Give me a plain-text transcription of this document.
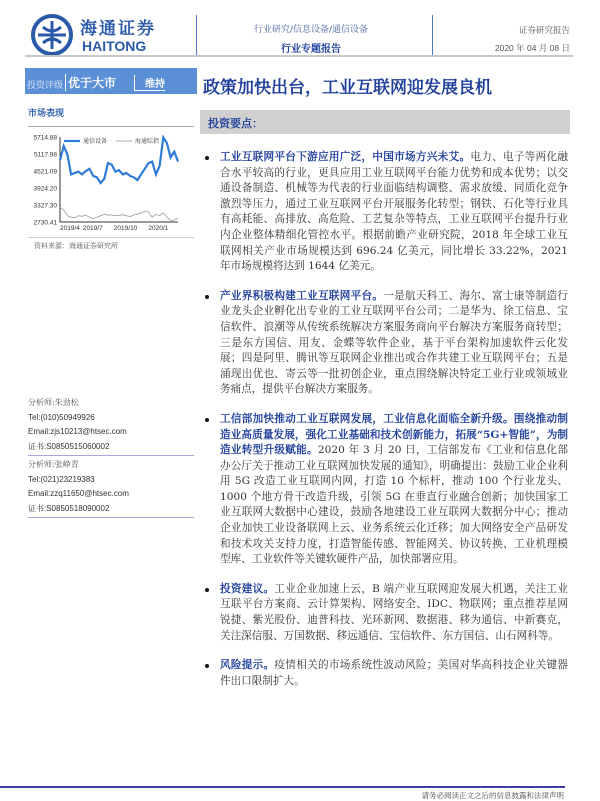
海通证券
HAITONG
行业研究/信息设备/通信设备
行业专题报告
证券研究报告
2020 年 04 月 08 日
投资评级 优于大市	维持 政策加快出台，工业互联网迎发展良机
市场表现
2730.41
3327.30
3924.20
4521.09
5117.98
5714.88
2019/4 2019/7 2019/10 2020/1
通信设备	海通综指
资料来源：海通证券研究所
投资要点：
工业互联网平台下游应用广泛，中国市场方兴未艾。电力、电子等两化融合水平较高的行业，更具应用工业互联网平台能力优势和成本优势；以交通设备制造、机械等为代表的行业面临结构调整、需求放缓、同质化竞争激烈等压力，通过工业互联网平台开展服务化转型；钢铁、石化等行业具有高耗能、高排放、高危险、工艺复杂等特点，工业互联网平台提升行业内企业整体精细化管控水平。根据前瞻产业研究院，2018 年全球工业互联网相关产业市场规模达到 696.24 亿美元，同比增长 33.22%，2021 年市场规模将达到 1644 亿美元。
产业界积极构建工业互联网平台。一是航天科工、海尔、富士康等制造行业龙头企业孵化出专业的工业互联网平台公司；二是华为、徐工信息、宝信软件、浪潮等从传统系统解决方案服务商向平台解决方案服务商转型；三是东方国信、用友、金蝶等软件企业，基于平台架构加速软件云化发展；四是阿里、腾讯等互联网企业推出或合作共建工业互联网平台；五是涌现出优也、寄云等一批初创企业，重点围绕解决特定工业行业或领域业务痛点，提供平台解决方案服务。
工信部加快推动工业互联网发展，工业信息化面临全新升级。围绕推动制造业高质量发展，强化工业基础和技术创新能力，拓展“5G+智能”，为制造业转型升级赋能。2020 年 3 月 20 日，工信部发布《工业和信息化部办公厅关于推动工业互联网加快发展的通知》，明确提出：鼓励工业企业利用 5G 改造工业互联网内网，打造 10 个标杆，推动 100 个行业龙头、1000 个地方骨干改造升级，引领 5G 在垂直行业融合创新；加快国家工业互联网大数据中心建设，鼓励各地建设工业互联网大数据分中心；推动企业加快工业设备联网上云、业务系统云化迁移；加大网络安全产品研发和技术攻关支持力度，打造智能传感、智能网关、协议转换、工业机理模型库、工业软件等关键软硬件产品，加快部署应用。
投资建议。工业企业加速上云，B 端产业互联网迎发展大机遇，关注工业互联平台方案商、云计算架构、网络安全、IDC、物联网；重点推荐星网锐捷、紫光股份、迪普科技、光环新网、数据港、移为通信、中新赛克，关注深信服、万国数据、移远通信、宝信软件、东方国信、山石网科等。
风险提示。疫情相关的市场系统性波动风险；美国对华高科技企业关键器件出口限制扩大。
分析师:朱劲松
Tel:(010)50949926
Email:zjs10213@htsec.com
证书:S0850515060002
分析师:张峥青
Tel:(021)23219383
Email:zzq11650@htsec.com
证书:S0850518090002
请务必阅读正文之后的信息披露和法律声明
